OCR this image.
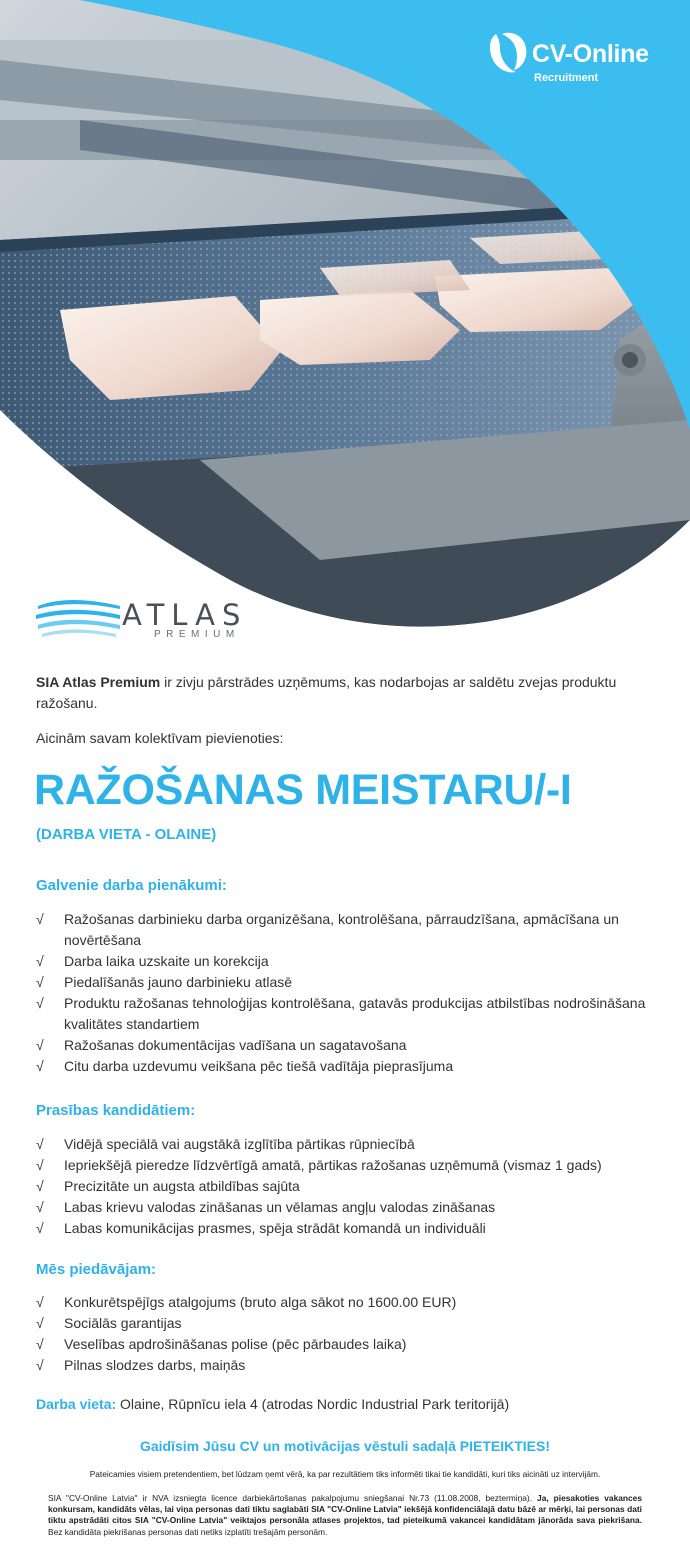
CV-Online
Recruitment
ATLAS
PREMIUM
SIA Atlas Premium ir zivju pārstrādes uzņēmums, kas nodarbojas ar saldētu zvejas produktu ražošanu.
Aicinām savam kolektīvam pievienoties:
RAŽOŠANAS MEISTARU/-I
(DARBA VIETA - OLAINE)
Galvenie darba pienākumi:
√	Ražošanas darbinieku darba organizēšana, kontrolēšana, pārraudzīšana, apmācīšana un novērtēšana
√	Darba laika uzskaite un korekcija
√	Piedalīšanās jauno darbinieku atlasē
√	Produktu ražošanas tehnoloģijas kontrolēšana, gatavās produkcijas atbilstības nodrošināšana kvalitātes standartiem
√	Ražošanas dokumentācijas vadīšana un sagatavošana
√	Citu darba uzdevumu veikšana pēc tiešā vadītāja pieprasījuma
Prasības kandidātiem:
√	Vidējā speciālā vai augstākā izglītība pārtikas rūpniecībā
√	Iepriekšējā pieredze līdzvērtīgā amatā, pārtikas ražošanas uzņēmumā (vismaz 1 gads)
√	Precizitāte un augsta atbildības sajūta
√	Labas krievu valodas zināšanas un vēlamas angļu valodas zināšanas
√	Labas komunikācijas prasmes, spēja strādāt komandā un individuāli
Mēs piedāvājam:
√	Konkurētspējīgs atalgojums (bruto alga sākot no 1600.00 EUR)
√	Sociālās garantijas
√	Veselības apdrošināšanas polise (pēc pārbaudes laika)
√	Pilnas slodzes darbs, maiņās
Darba vieta: Olaine, Rūpnīcu iela 4 (atrodas Nordic Industrial Park teritorijā)
Gaidīsim Jūsu CV un motivācijas vēstuli sadaļā PIETEIKTIES!
Pateicamies visiem pretendentiem, bet lūdzam ņemt vērā, ka par rezultātiem tiks informēti tikai tie kandidāti, kuri tiks aicināti uz intervijām.
SIA "CV-Online Latvia" ir NVA izsniegta licence darbiekārtošanas pakalpojumu sniegšanai Nr.73 (11.08.2008, beztermiņa). Ja, piesakoties vakances konkursam, kandidāts vēlas, lai viņa personas dati tiktu saglabāti SIA "CV-Online Latvia" iekšējā konfidenciālajā datu bāzē ar mērķi, lai personas dati tiktu apstrādāti citos SIA "CV-Online Latvia" veiktajos personāla atlases projektos, tad pieteikumā vakancei kandidātam jānorāda sava piekrišana. Bez kandidāta piekrišanas personas dati netiks izplatīti trešajām personām.
